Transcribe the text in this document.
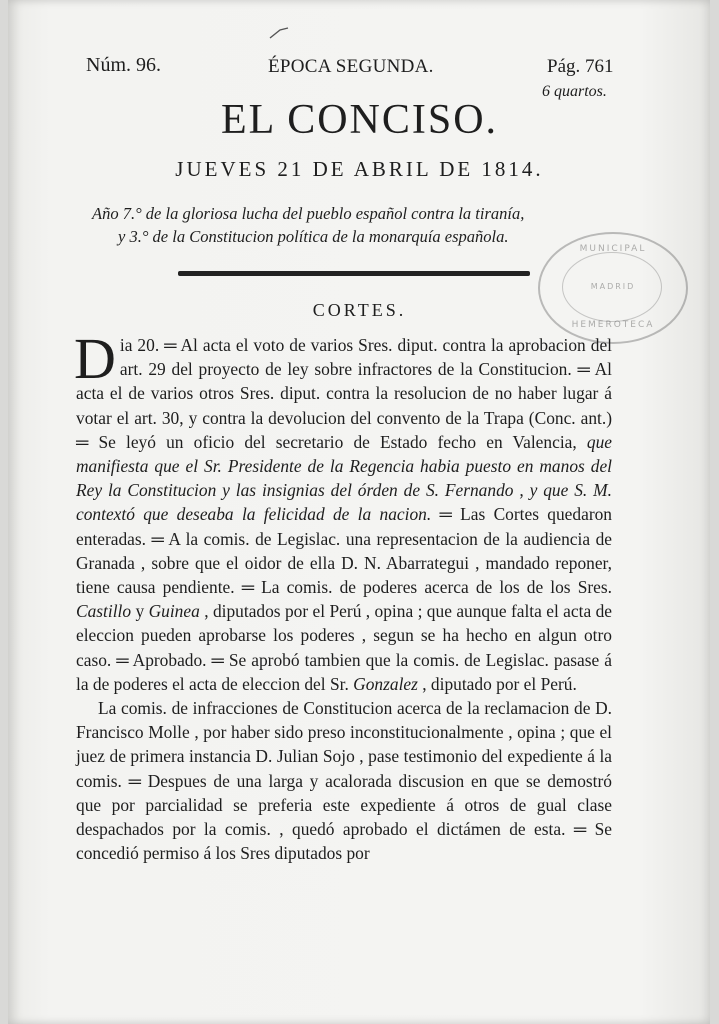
Núm. 96.	ÉPOCA SEGUNDA.	Pág. 761
6 quartos.
EL CONCISO.
JUEVES 21 DE ABRIL DE 1814.
Año 7.° de la gloriosa lucha del pueblo español contra la tiranía,
y 3.° de la Constitucion política de la monarquía española.
MUNICIPAL
MADRID
HEMEROTECA
CORTES.

Dia 20. ═ Al acta el voto de varios Sres. diput. contra la aprobacion del art. 29 del proyecto de ley sobre infractores de la Constitucion. ═ Al acta el de varios otros Sres. diput. contra la resolucion de no haber lugar á votar el art. 30, y contra la devolucion del convento de la Trapa (Conc. ant.) ═ Se leyó un oficio del secretario de Estado fecho en Valencia, que manifiesta que el Sr. Presidente de la Regencia habia puesto en manos del Rey la Constitucion y las insignias del órden de S. Fernando , y que S. M. contextó que deseaba la felicidad de la nacion. ═ Las Cortes quedaron enteradas. ═ A la comis. de Legislac. una representacion de la audiencia de Granada , sobre que el oidor de ella D. N. Abarrategui , mandado reponer, tiene causa pendiente. ═ La comis. de poderes acerca de los de los Sres. Castillo y Guinea , diputados por el Perú , opina ; que aunque falta el acta de eleccion pueden aprobarse los poderes , segun se ha hecho en algun otro caso. ═ Aprobado. ═ Se aprobó tambien que la comis. de Legislac. pasase á la de poderes el acta de eleccion del Sr. Gonzalez , diputado por el Perú.

La comis. de infracciones de Constitucion acerca de la reclamacion de D. Francisco Molle , por haber sido preso inconstitucionalmente , opina ; que el juez de primera instancia D. Julian Sojo , pase testimonio del expediente á la comis. ═ Despues de una larga y acalorada discusion en que se demostró que por parcialidad se preferia este expediente á otros de gual clase despachados por la comis. , quedó aprobado el dictámen de esta. ═ Se concedió permiso á los Sres diputados por
